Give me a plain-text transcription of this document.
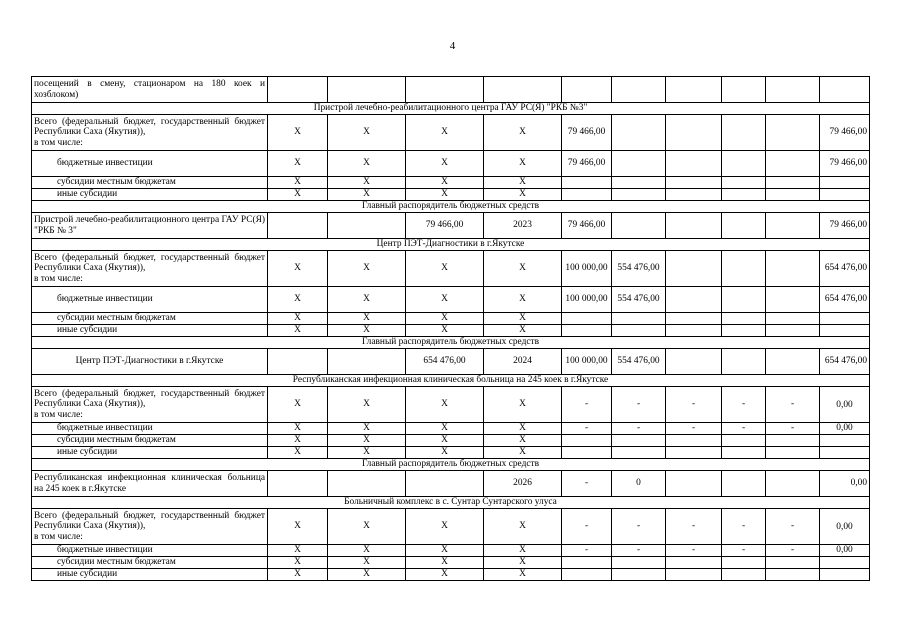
4
посещений в смену, стационаром на 180 коек и хозблоком)										
Пристрой лечебно-реабилитационного центра ГАУ РС(Я) "РКБ №3"										
Всего (федеральный бюджет, государственный бюджет Республики Саха (Якутия)),
в том числе:	X	X	X	X	79 466,00					79 466,00
бюджетные инвестиции	X	X	X	X	79 466,00					79 466,00
субсидии местным бюджетам	X	X	X	X						
иные субсидии	X	X	X	X						
Главный распорядитель бюджетных средств										
Пристрой лечебно-реабилитационного центра ГАУ РС(Я) "РКБ № 3"			79 466,00	2023	79 466,00					79 466,00
Центр ПЭТ-Диагностики в г.Якутске										
Всего (федеральный бюджет, государственный бюджет Республики Саха (Якутия)),
в том числе:	X	X	X	X	100 000,00	554 476,00				654 476,00
бюджетные инвестиции	X	X	X	X	100 000,00	554 476,00				654 476,00
субсидии местным бюджетам	X	X	X	X						
иные субсидии	X	X	X	X						
Главный распорядитель бюджетных средств										
Центр ПЭТ-Диагностики в г.Якутске			654 476,00	2024	100 000,00	554 476,00				654 476,00
Республиканская инфекционная клиническая больница на 245 коек в г.Якутске										
Всего (федеральный бюджет, государственный бюджет Республики Саха (Якутия)),
в том числе:	X	X	X	X	-	-	-	-	-	0,00

бюджетные инвестиции	X	X	X	X	-	-	-	-	-	0,00
субсидии местным бюджетам	X	X	X	X						
иные субсидии	X	X	X	X						
Главный распорядитель бюджетных средств										
Республиканская инфекционная клиническая больница на 245 коек в г.Якутске				2026	-	0				0,00
Больничный комплекс в с. Сунтар Сунтарского улуса										
Всего (федеральный бюджет, государственный бюджет Республики Саха (Якутия)),
в том числе:	X	X	X	X	-	-	-	-	-	0,00

бюджетные инвестиции	X	X	X	X	-	-	-	-	-	0,00
субсидии местным бюджетам	X	X	X	X						
иные субсидии	X	X	X	X						
